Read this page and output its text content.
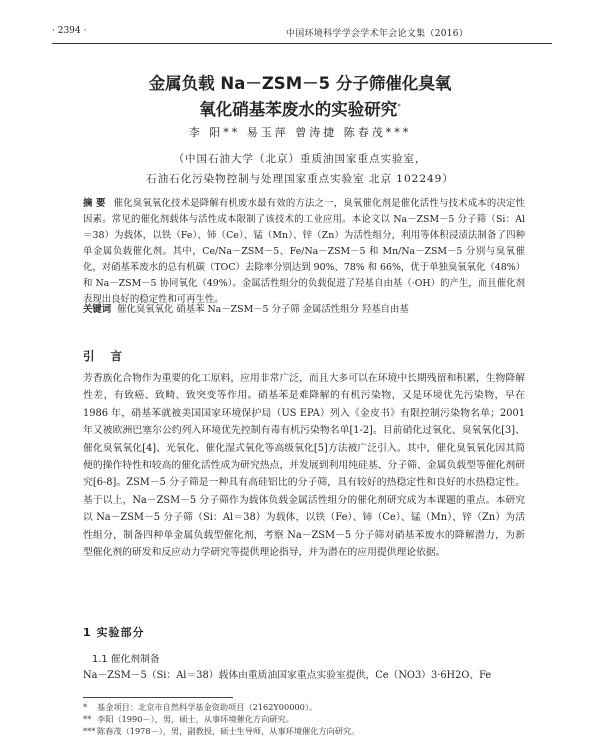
· 2394 ·	中国环境科学学会学术年会论文集（2016）
金属负载 Na－ZSM－5 分子筛催化臭氧
氧化硝基苯废水的实验研究*
李 阳** 易玉萍 曾涛捷 陈春茂***
（中国石油大学（北京）重质油国家重点实验室，
石油石化污染物控制与处理国家重点实验室 北京 102249）
摘 要 催化臭氧氧化技术是降解有机废水最有效的方法之一，臭氧催化剂是催化活性与技术成本的决定性因素。常见的催化剂载体与活性成本限制了该技术的工业应用。本论文以 Na－ZSM－5 分子筛（Si：Al＝38）为载体，以铁（Fe）、铈（Ce）、锰（Mn）、锌（Zn）为活性组分，利用等体积浸渍法制备了四种单金属负载催化剂。其中，Ce/Na－ZSM－5、Fe/Na－ZSM－5 和 Mn/Na－ZSM－5 分别与臭氧催化，对硝基苯废水的总有机碳（TOC）去除率分别达到 90%、78% 和 66%，优于单独臭氧氧化（48%）和 Na－ZSM－5 协同氧化（49%）。金属活性组分的负载促进了羟基自由基（·OH）的产生，而且催化剂表现出良好的稳定性和可再生性。
关键词 催化臭氧氧化 硝基苯 Na－ZSM－5 分子筛 金属活性组分 羟基自由基
引 言
芳香族化合物作为重要的化工原料，应用非常广泛，而且大多可以在环境中长期残留和积累，生物降解性差，有致癌、致畸、致突变等作用。硝基苯是难降解的有机污染物，又是环境优先污染物，早在 1986 年，硝基苯就被美国国家环境保护局（US EPA）列入《金皮书》有限控制污染物名单；2001 年又被欧洲巴塞尔公约列入环境优先控制有毒有机污染物名单[1-2]。目前硝化过氧化、臭氧氧化[3]、催化臭氧氧化[4]、光氧化、催化湿式氧化等高级氧化[5]方法被广泛引入。其中，催化臭氧氧化因其简便的操作特性和较高的催化活性成为研究热点，并发展到利用纯硅基、分子筛、金属负载型等催化剂研究[6-8]。ZSM－5 分子筛是一种具有高硅铝比的分子筛，具有较好的热稳定性和良好的水热稳定性。基于以上，Na－ZSM－5 分子筛作为载体负载金属活性组分的催化剂研究成为本课题的重点。本研究以 Na－ZSM－5 分子筛（Si：Al＝38）为载体，以铁（Fe）、铈（Ce）、锰（Mn）、锌（Zn）为活性组分，制备四种单金属负载型催化剂，考察 Na－ZSM－5 分子筛对硝基苯废水的降解潜力，为新型催化剂的研发和反应动力学研究等提供理论指导，并为潜在的应用提供理论依据。
1 实验部分
1.1 催化剂制备
Na－ZSM－5（Si：Al＝38）载体由重质油国家重点实验室提供，Ce（NO3）3·6H2O、Fe
* 基金项目：北京市自然科学基金资助项目（2162Y00000）。
** 李阳（1990－），男，硕士，从事环境催化方向研究。
*** 陈春茂（1978－），男，副教授，硕士生导师，从事环境催化方向研究。
